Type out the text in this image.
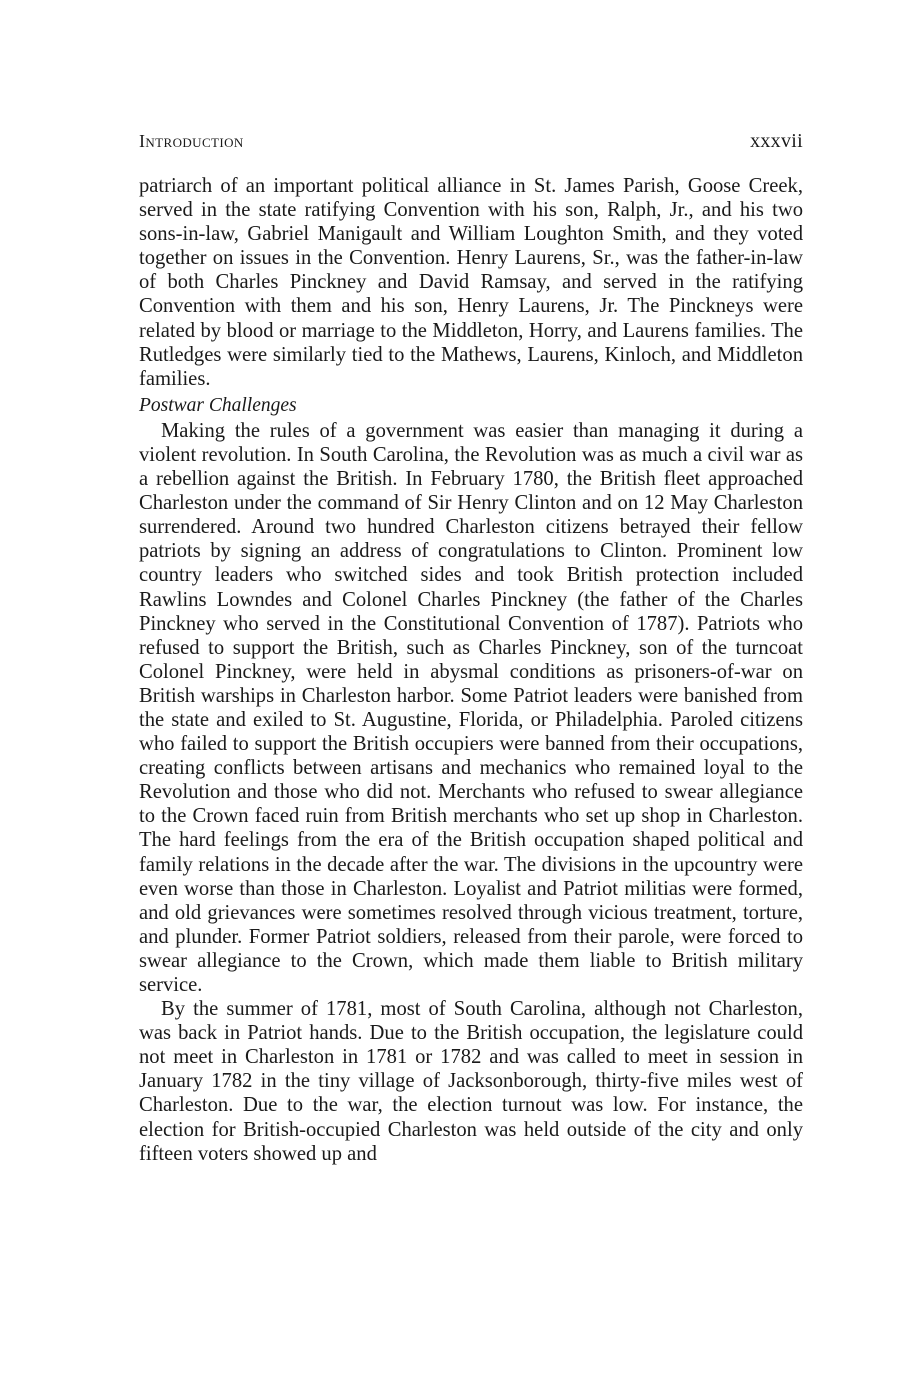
Introduction	xxxvii

patriarch of an important political alliance in St. James Parish, Goose Creek, served in the state ratifying Convention with his son, Ralph, Jr., and his two sons-in-law, Gabriel Manigault and William Loughton Smith, and they voted together on issues in the Convention. Henry Laurens, Sr., was the father-in-law of both Charles Pinckney and David Ramsay, and served in the ratifying Convention with them and his son, Henry Laurens, Jr. The Pinckneys were related by blood or marriage to the Middleton, Horry, and Laurens families. The Rutledges were similarly tied to the Mathews, Laurens, Kinloch, and Middleton families.

Postwar Challenges

Making the rules of a government was easier than managing it during a violent revolution. In South Carolina, the Revolution was as much a civil war as a rebellion against the British. In February 1780, the British fleet approached Charleston under the command of Sir Henry Clinton and on 12 May Charleston surrendered. Around two hundred Charleston citizens betrayed their fellow patriots by signing an address of congratulations to Clinton. Prominent low country leaders who switched sides and took British protection included Rawlins Lowndes and Colonel Charles Pinckney (the father of the Charles Pinckney who served in the Constitutional Convention of 1787). Patriots who refused to support the British, such as Charles Pinckney, son of the turncoat Colonel Pinckney, were held in abysmal conditions as prisoners-of-war on British warships in Charleston harbor. Some Patriot leaders were banished from the state and exiled to St. Augustine, Florida, or Philadelphia. Paroled citizens who failed to support the British occupiers were banned from their occupations, creating conflicts between artisans and mechanics who remained loyal to the Revolution and those who did not. Merchants who refused to swear allegiance to the Crown faced ruin from British merchants who set up shop in Charleston. The hard feelings from the era of the British occupation shaped political and family relations in the decade after the war. The divisions in the upcountry were even worse than those in Charleston. Loyalist and Patriot militias were formed, and old grievances were sometimes resolved through vicious treatment, torture, and plunder. Former Patriot soldiers, released from their parole, were forced to swear allegiance to the Crown, which made them liable to British military service.

By the summer of 1781, most of South Carolina, although not Charleston, was back in Patriot hands. Due to the British occupation, the legislature could not meet in Charleston in 1781 or 1782 and was called to meet in session in January 1782 in the tiny village of Jacksonborough, thirty-five miles west of Charleston. Due to the war, the election turnout was low. For instance, the election for British-occupied Charleston was held outside of the city and only fifteen voters showed up and
